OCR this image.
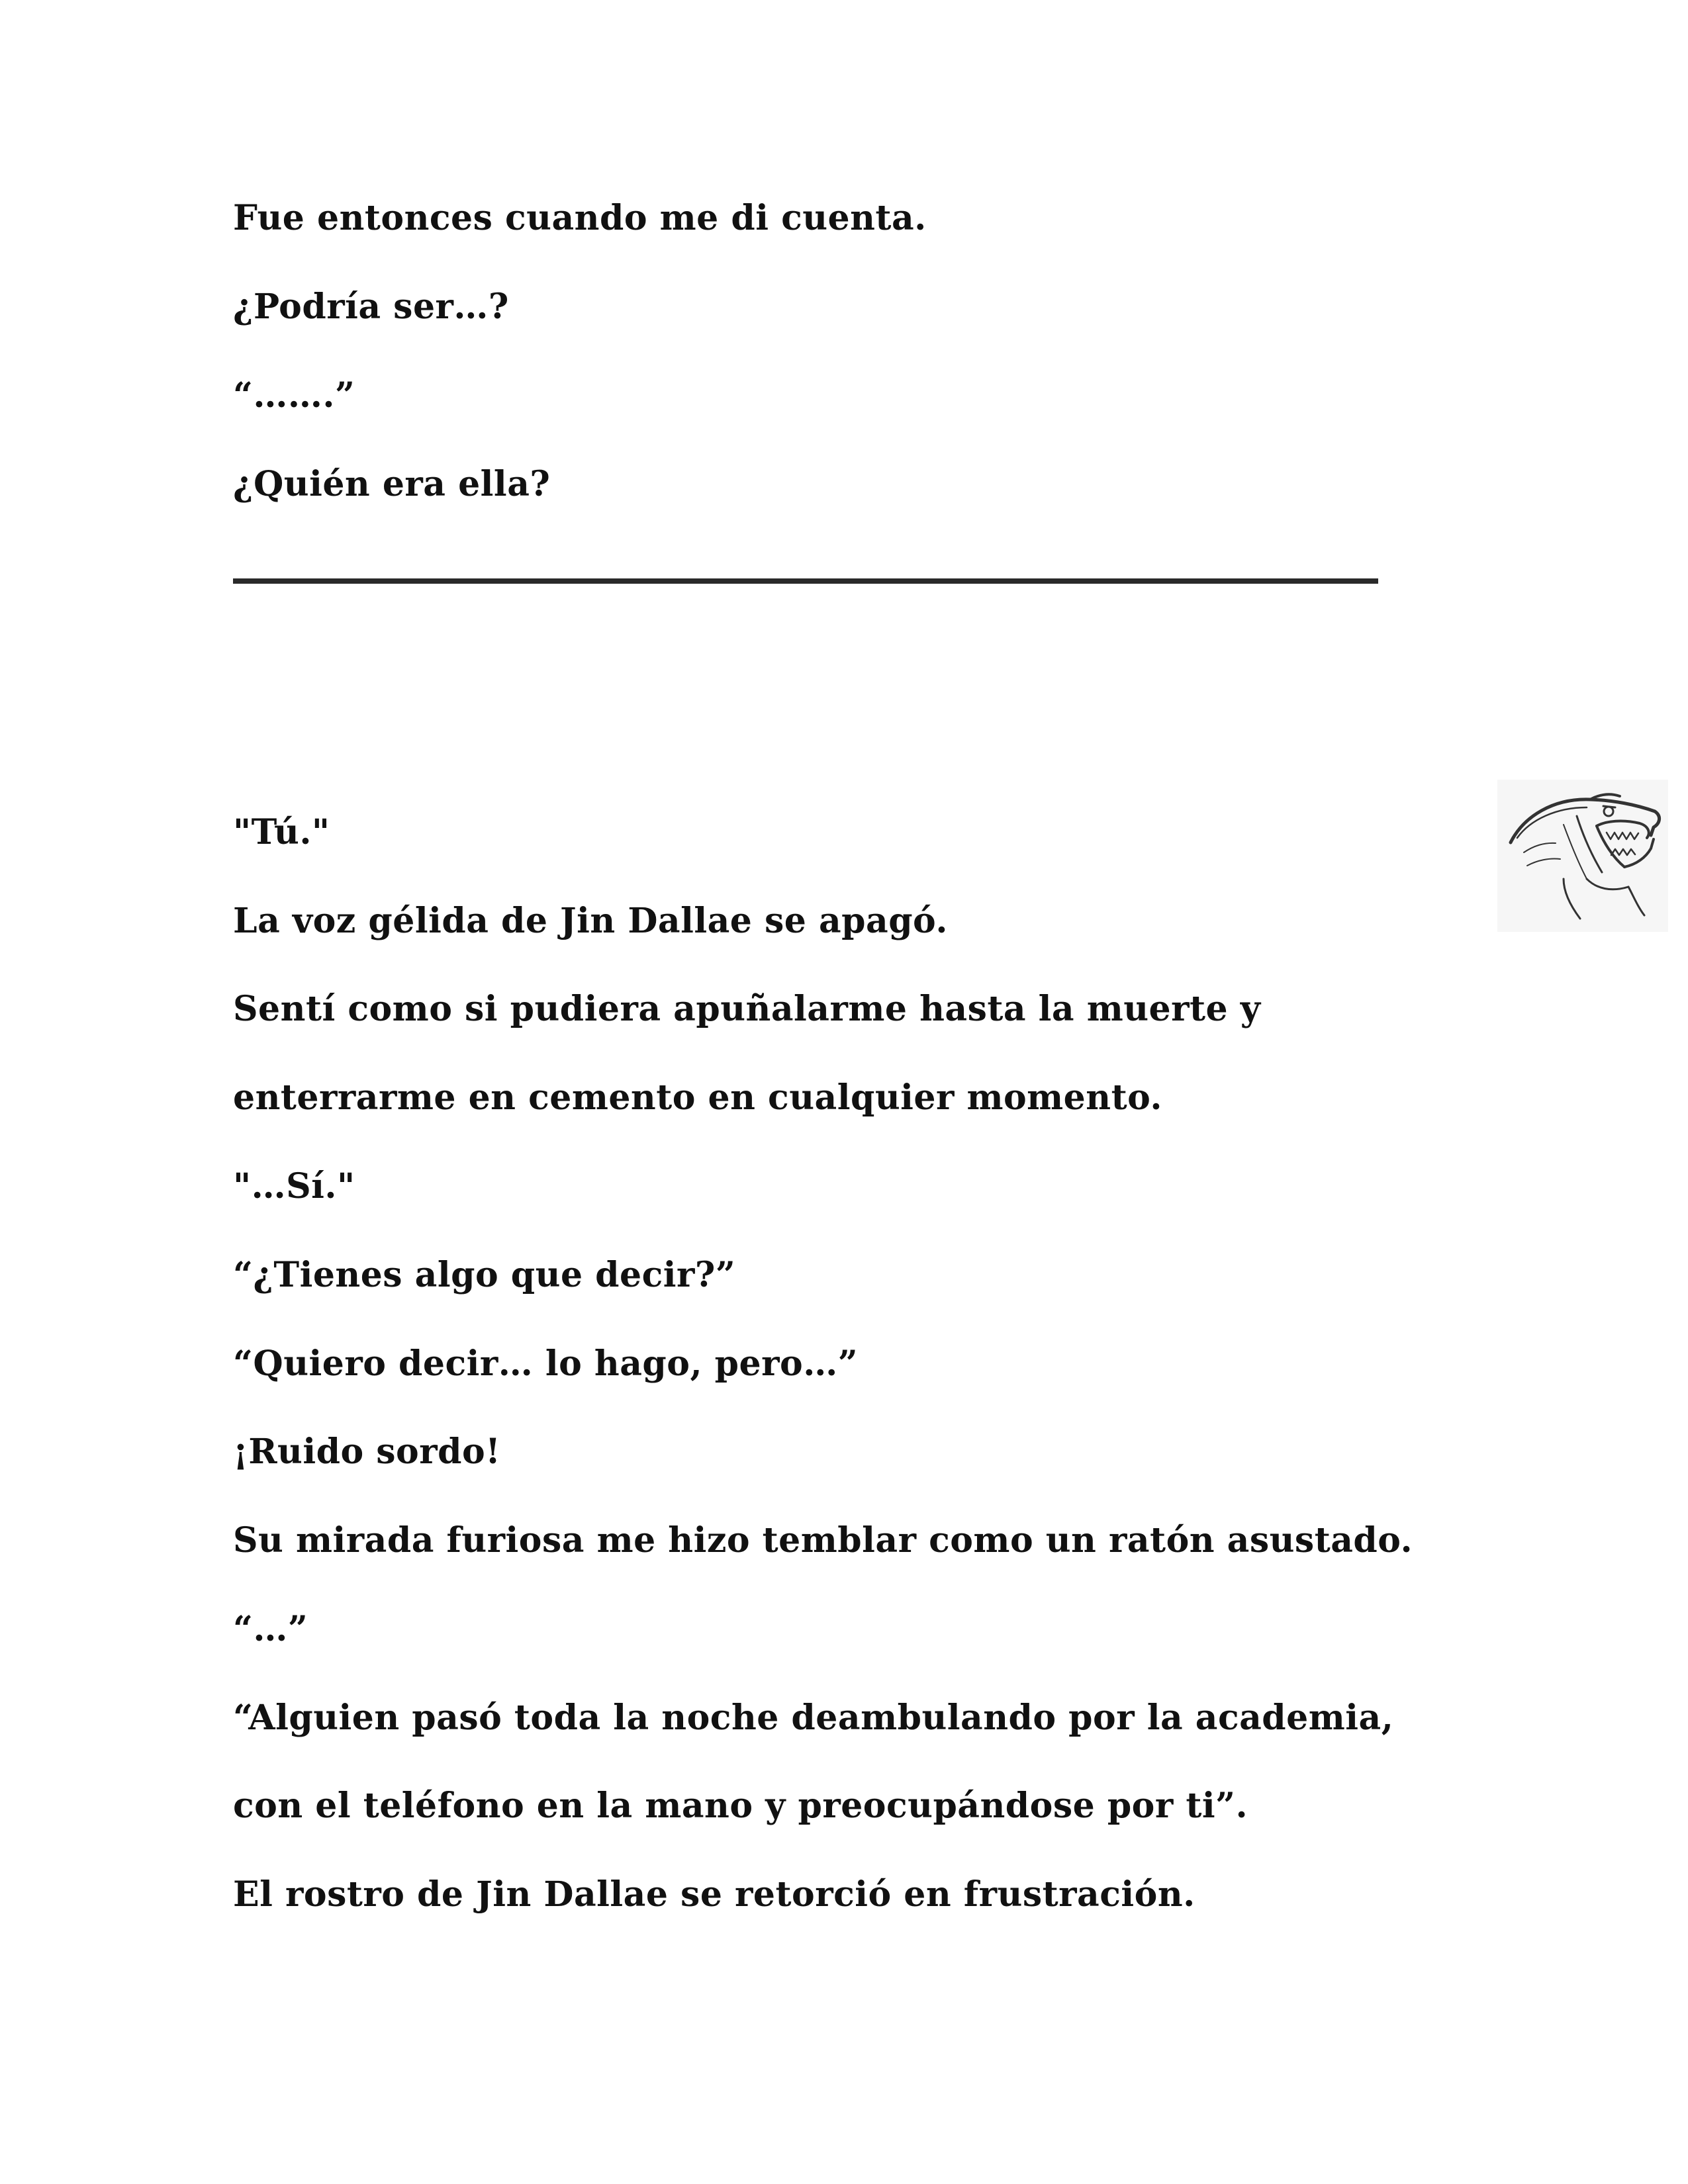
Fue entonces cuando me di cuenta.

¿Podría ser…?

“…….”

¿Quién era ella?

"Tú."

La voz gélida de Jin Dallae se apagó.

Sentí como si pudiera apuñalarme hasta la muerte y

enterrarme en cemento en cualquier momento.

"…Sí."

“¿Tienes algo que decir?”

“Quiero decir… lo hago, pero…”

¡Ruido sordo!

Su mirada furiosa me hizo temblar como un ratón asustado.

“…”

“Alguien pasó toda la noche deambulando por la academia,

con el teléfono en la mano y preocupándose por ti”.

El rostro de Jin Dallae se retorció en frustración.
